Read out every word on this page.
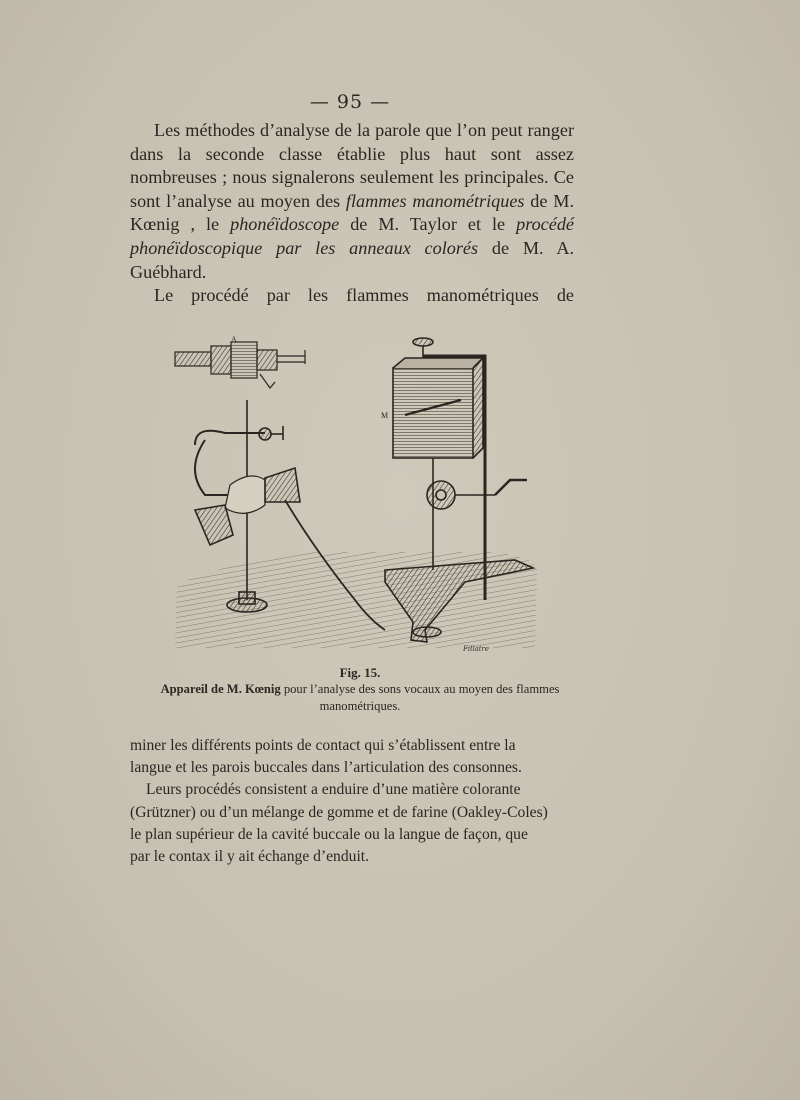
— 95 —
Les méthodes d’analyse de la parole que l’on peut ranger dans la seconde classe établie plus haut sont assez nombreuses ; nous signalerons seulement les principales. Ce sont l’analyse au moyen des flammes manométriques de M. Kœnig , le phonéïdoscope de M. Taylor et le procédé phonéïdoscopique par les anneaux colorés de M. A. Guébhard.
Le procédé par les flammes manométriques de
A
M
Fillatre
Fig. 15.
Appareil de M. Kœnig pour l’analyse des sons vocaux au moyen des flammes manométriques.
miner les différents points de contact qui s’établissent entre la
langue et les parois buccales dans l’articulation des consonnes.
Leurs procédés consistent a enduire d’une matière colorante
(Grützner) ou d’un mélange de gomme et de farine (Oakley-Coles)
le plan supérieur de la cavité buccale ou la langue de façon, que
par le contax il y ait échange d’enduit.
